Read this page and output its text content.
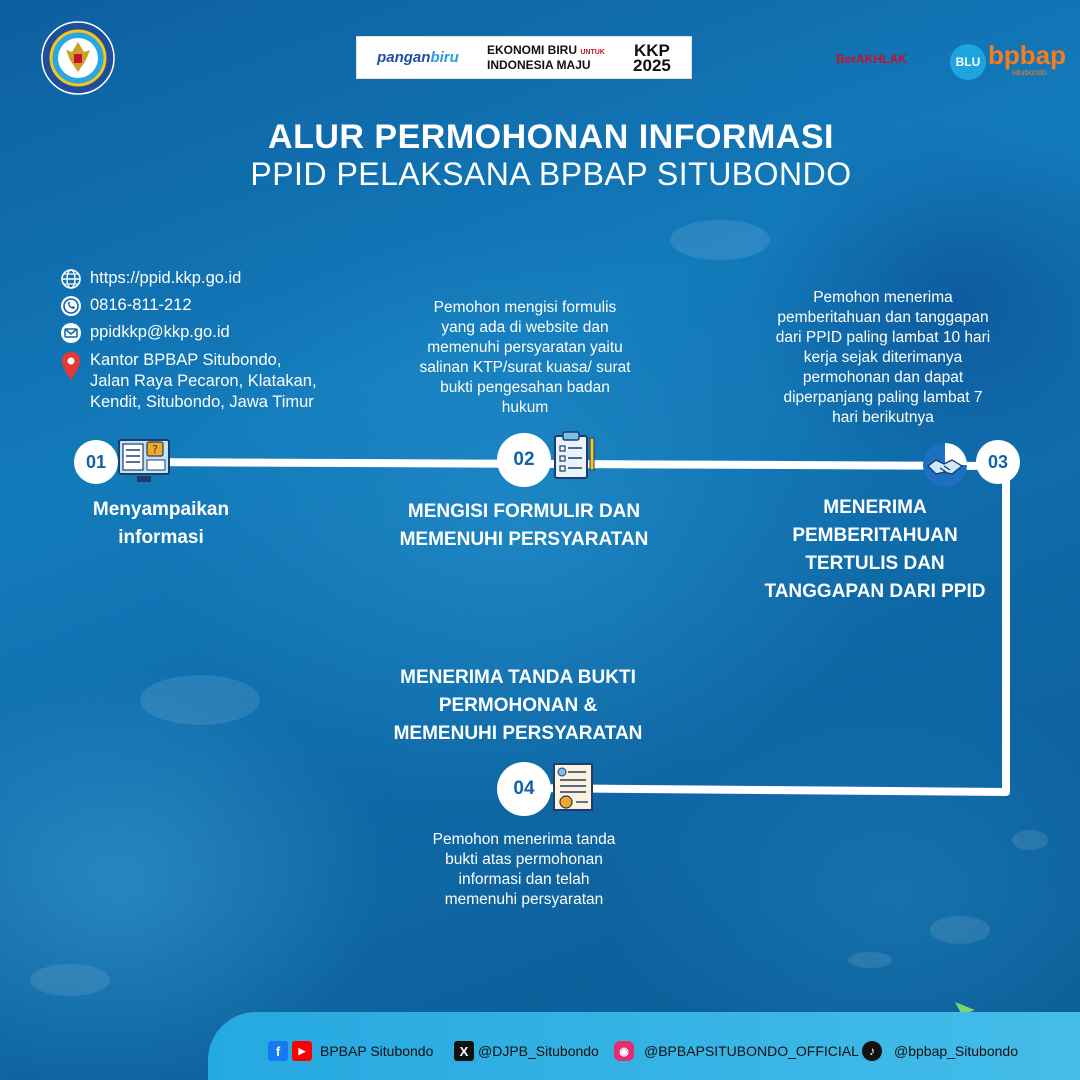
panganbiru EKONOMI BIRU UNTUK
INDONESIA MAJU
KKP
2025	BerAKHLAK	BLU bpbap
situbondo
ALUR PERMOHONAN INFORMASI
PPID PELAKSANA BPBAP SITUBONDO
https://ppid.kkp.go.id
0816-811-212
ppidkkp@kkp.go.id
Kantor BPBAP Situbondo,
Jalan Raya Pecaron, Klatakan,
Kendit, Situbondo, Jawa Timur
01
?
Menyampaikan
informasi
Pemohon mengisi formulis
yang ada di website dan
memenuhi persyaratan yaitu
salinan KTP/surat kuasa/ surat
bukti pengesahan badan
hukum
02
MENGISI FORMULIR DAN
MEMENUHI PERSYARATAN
Pemohon menerima
pemberitahuan dan tanggapan
dari PPID paling lambat 10 hari
kerja sejak diterimanya
permohonan dan dapat
diperpanjang paling lambat 7
hari berikutnya
03
MENERIMA
PEMBERITAHUAN
TERTULIS DAN
TANGGAPAN DARI PPID
MENERIMA TANDA BUKTI
PERMOHONAN &
MEMENUHI PERSYARATAN
04
Pemohon menerima tanda
bukti atas permohonan
informasi dan telah
memenuhi persyaratan
f	▶	BPBAP Situbondo	X @DJPB_Situbondo	◉	@BPBAPSITUBONDO_OFFICIAL ♪	@bpbap_Situbondo
